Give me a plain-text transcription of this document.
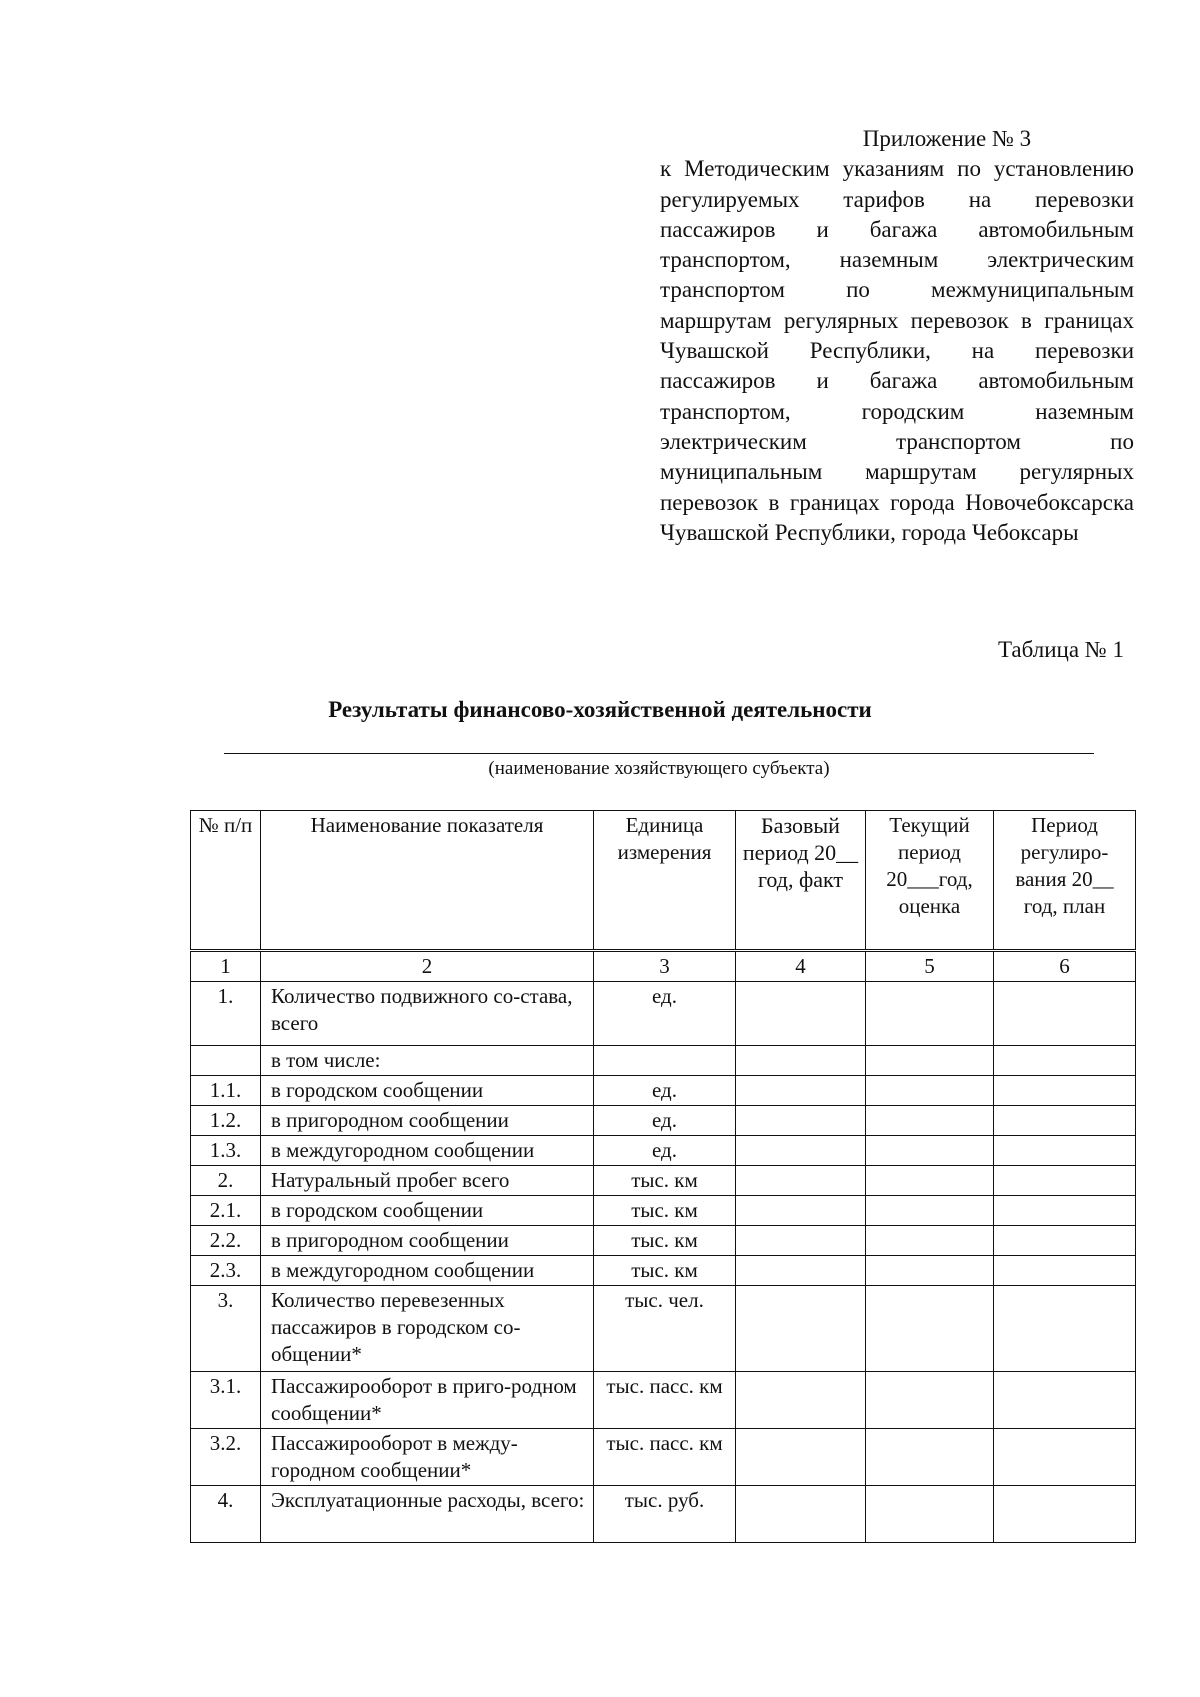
Приложение № 3
к Методическим указаниям по установлению регулируемых тарифов на перевозки пассажиров и багажа автомобильным транспортом, наземным электрическим транспортом по межмуниципальным маршрутам регулярных перевозок в границах Чувашской Республики, на перевозки пассажиров и багажа автомобильным транспортом, городским наземным электрическим транспортом по муниципальным маршрутам регулярных перевозок в границах города Новочебоксарска Чувашской Республики, города Чебоксары
Таблица № 1
Результаты финансово-хозяйственной деятельности
(наименование хозяйствующего субъекта)
№ п/п	Наименование показателя	Единица измерения	Базовый период 20__ год, факт	Текущий период 20___год, оценка	Период регулиро-вания 20__ год, план
1	2	3	4	5	6
1.	Количество подвижного со-става, всего	ед.			
	в том числе:				
1.1.	в городском сообщении	ед.			
1.2.	в пригородном сообщении	ед.			
1.3.	в междугородном сообщении	ед.			
2.	Натуральный пробег всего	тыс. км			
2.1.	в городском сообщении	тыс. км			
2.2.	в пригородном сообщении	тыс. км			
2.3.	в междугородном сообщении	тыс. км			
3.	Количество перевезенных пассажиров в городском со-общении*	тыс. чел.			
3.1.	Пассажирооборот в приго-родном сообщении*	тыс. пасс. км			
3.2.	Пассажирооборот в между-городном сообщении*	тыс. пасс. км			
4.	Эксплуатационные расходы, всего:	тыс. руб.			
